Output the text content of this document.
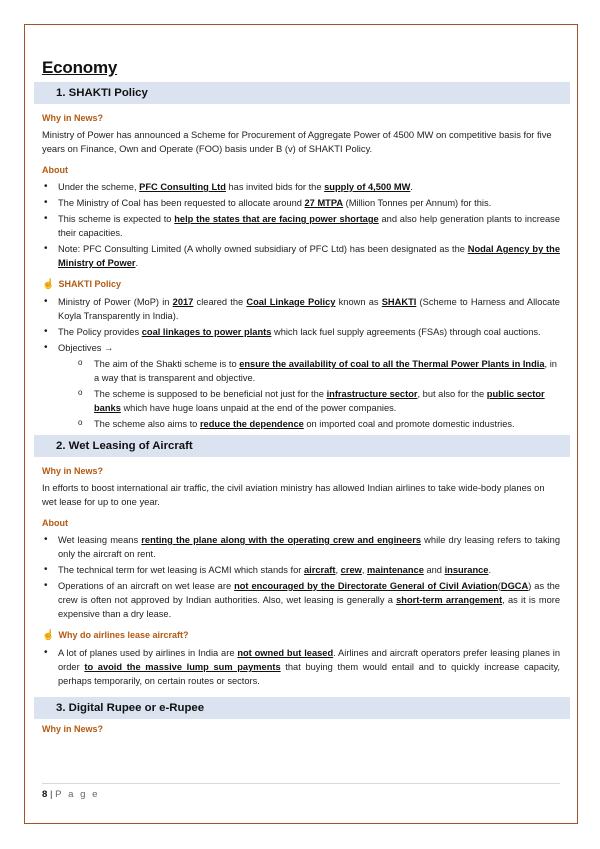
Economy
1. SHAKTI Policy
Why in News?

Ministry of Power has announced a Scheme for Procurement of Aggregate Power of 4500 MW on competitive basis for five years on Finance, Own and Operate (FOO) basis under B (v) of SHAKTI Policy.

About
• Under the scheme, PFC Consulting Ltd has invited bids for the supply of 4,500 MW.
• The Ministry of Coal has been requested to allocate around 27 MTPA (Million Tonnes per Annum) for this.
• This scheme is expected to help the states that are facing power shortage and also help generation plants to increase their capacities.
• Note: PFC Consulting Limited (A wholly owned subsidiary of PFC Ltd) has been designated as the Nodal Agency by the Ministry of Power.
☝ SHAKTI Policy
• Ministry of Power (MoP) in 2017 cleared the Coal Linkage Policy known as SHAKTI (Scheme to Harness and Allocate Koyla Transparently in India).
• The Policy provides coal linkages to power plants which lack fuel supply agreements (FSAs) through coal auctions.
• Objectives →
o The aim of the Shakti scheme is to ensure the availability of coal to all the Thermal Power Plants in India, in a way that is transparent and objective.
o The scheme is supposed to be beneficial not just for the infrastructure sector, but also for the public sector banks which have huge loans unpaid at the end of the power companies.
o The scheme also aims to reduce the dependence on imported coal and promote domestic industries.
2. Wet Leasing of Aircraft
Why in News?

In efforts to boost international air traffic, the civil aviation ministry has allowed Indian airlines to take wide-body planes on wet lease for up to one year.

About
• Wet leasing means renting the plane along with the operating crew and engineers while dry leasing refers to taking only the aircraft on rent.
• The technical term for wet leasing is ACMI which stands for aircraft, crew, maintenance and insurance.
• Operations of an aircraft on wet lease are not encouraged by the Directorate General of Civil Aviation(DGCA) as the crew is often not approved by Indian authorities. Also, wet leasing is generally a short-term arrangement, as it is more expensive than a dry lease.
☝ Why do airlines lease aircraft?
• A lot of planes used by airlines in India are not owned but leased. Airlines and aircraft operators prefer leasing planes in order to avoid the massive lump sum payments that buying them would entail and to quickly increase capacity, perhaps temporarily, on certain routes or sectors.
3. Digital Rupee or e-Rupee
Why in News?
8 | P a g e
